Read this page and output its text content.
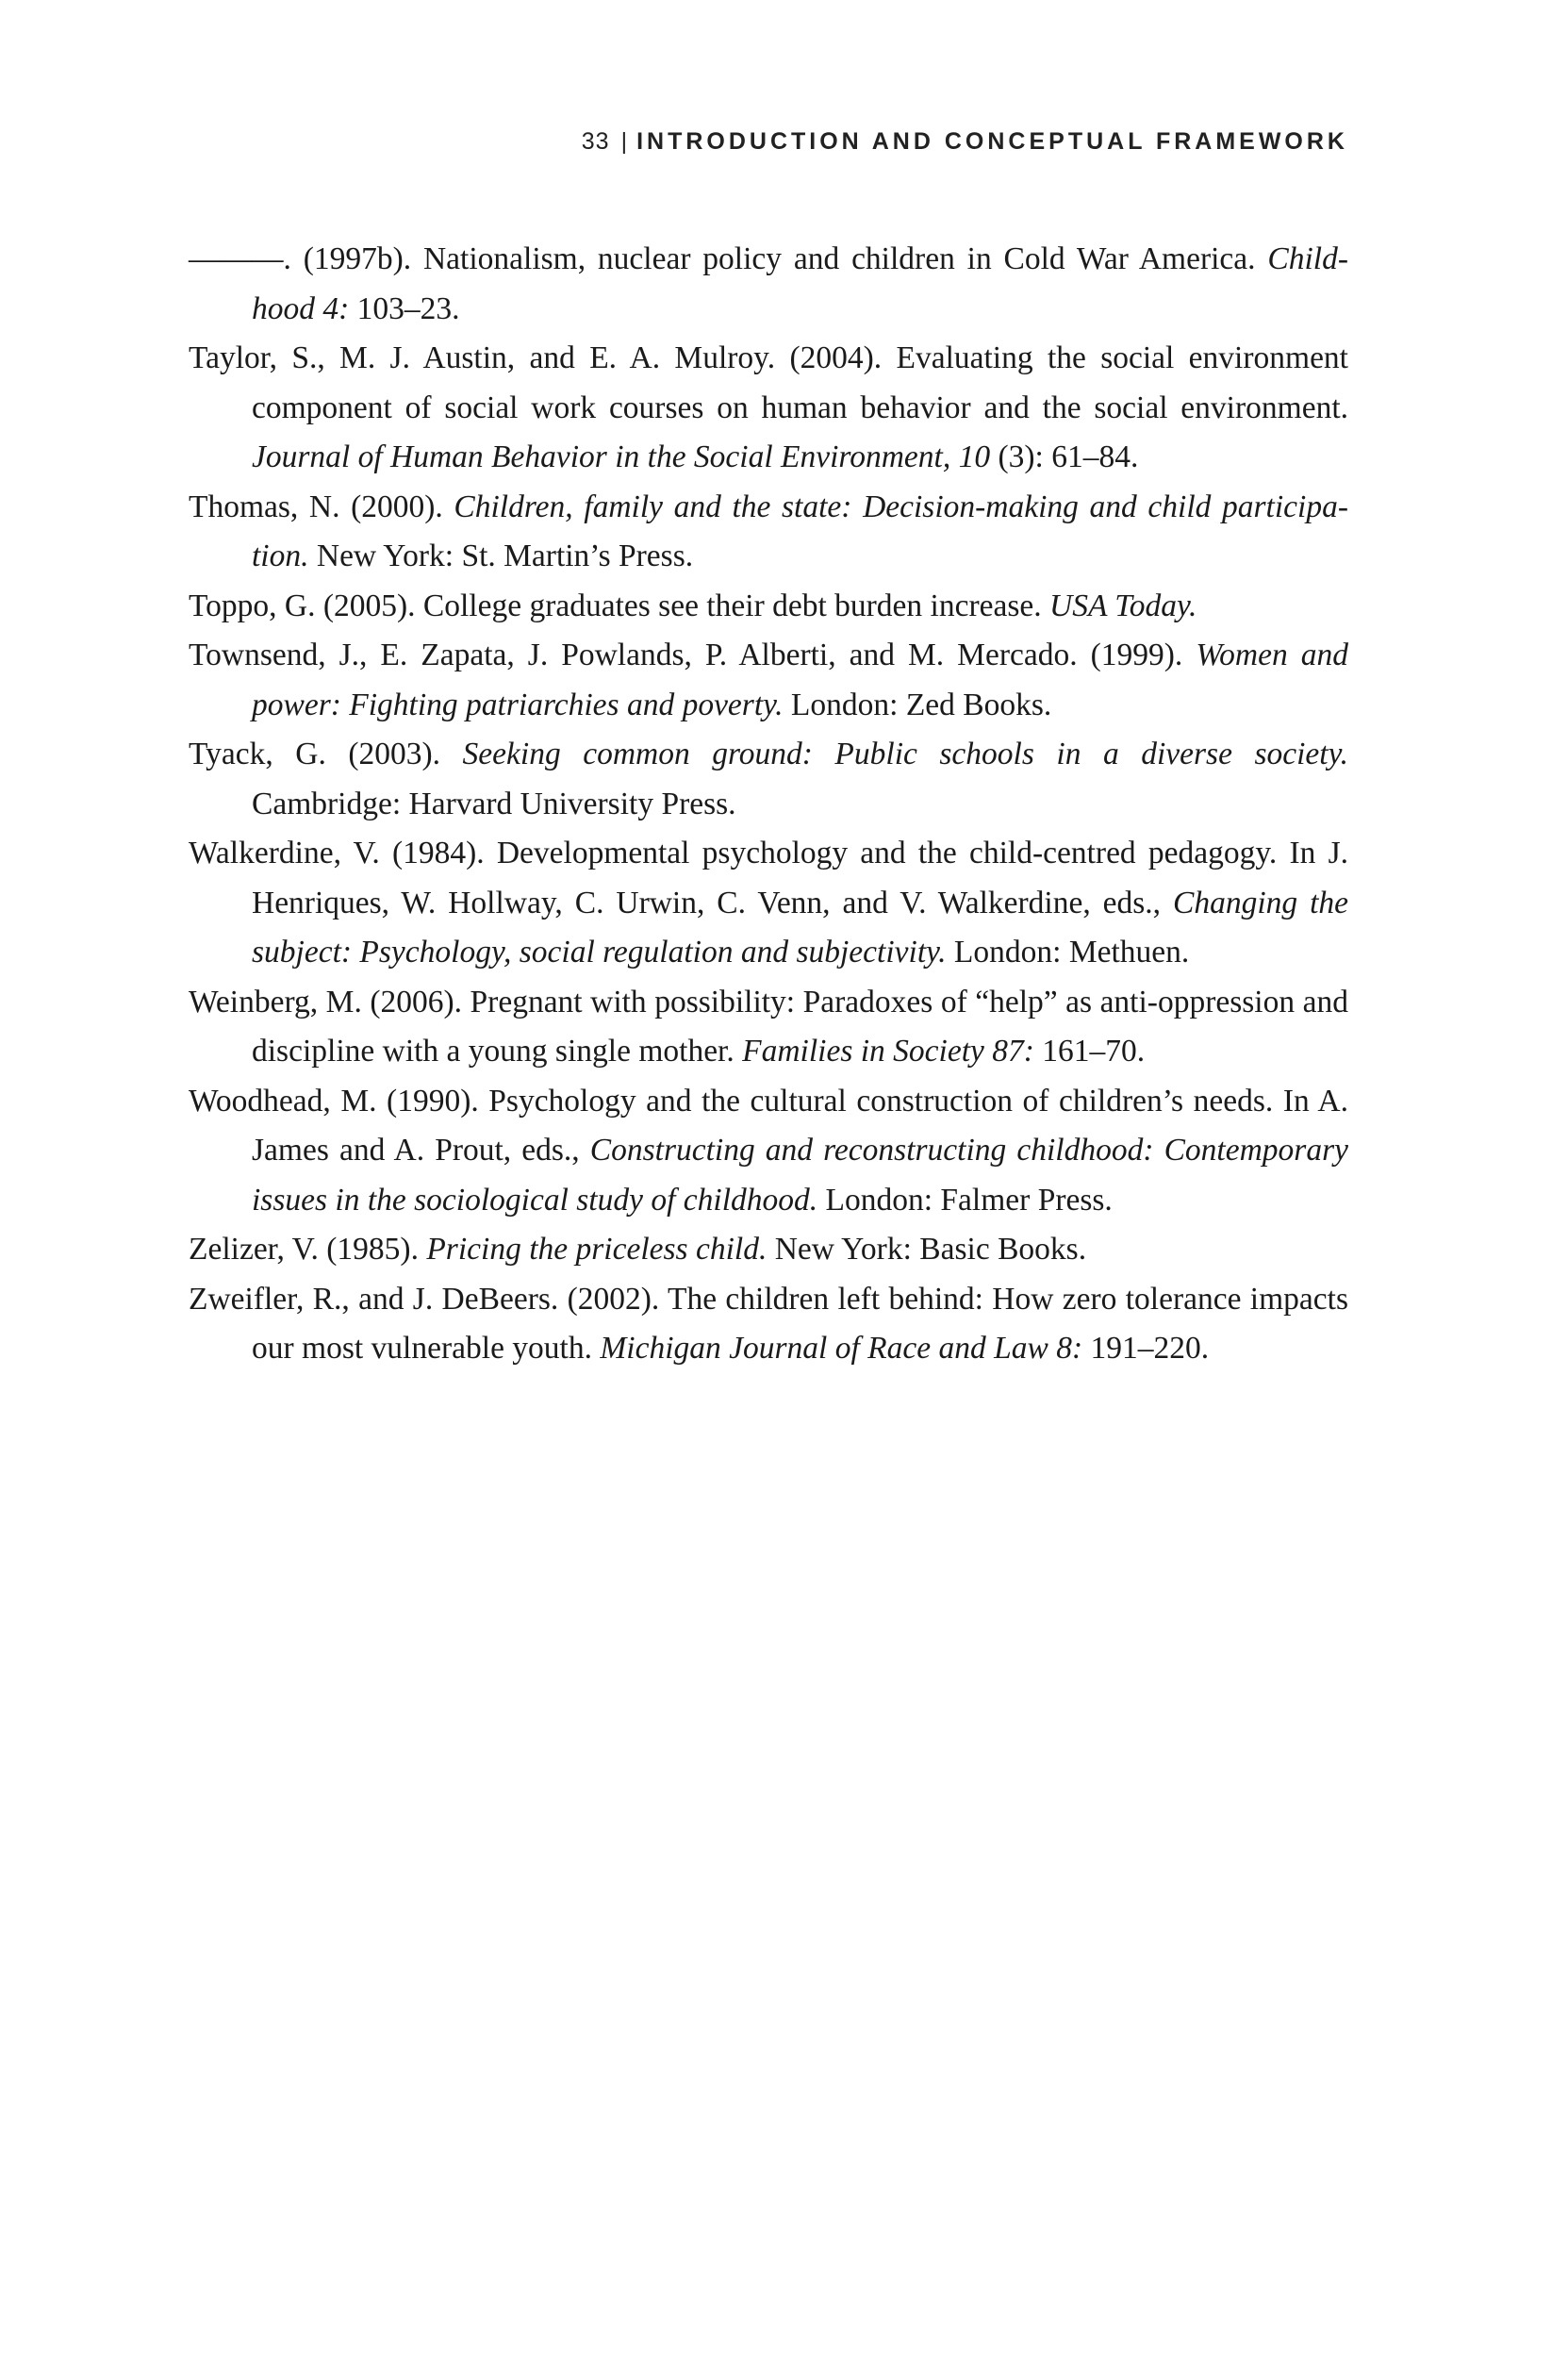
33 | INTRODUCTION AND CONCEPTUAL FRAMEWORK
———. (1997b). Nationalism, nuclear policy and children in Cold War America. Childhood 4: 103–23.
Taylor, S., M. J. Austin, and E. A. Mulroy. (2004). Evaluating the social environment component of social work courses on human behavior and the social environment. Journal of Human Behavior in the Social Environment, 10 (3): 61–84.
Thomas, N. (2000). Children, family and the state: Decision-making and child participation. New York: St. Martin’s Press.
Toppo, G. (2005). College graduates see their debt burden increase. USA Today.
Townsend, J., E. Zapata, J. Powlands, P. Alberti, and M. Mercado. (1999). Women and power: Fighting patriarchies and poverty. London: Zed Books.
Tyack, G. (2003). Seeking common ground: Public schools in a diverse society. Cambridge: Harvard University Press.
Walkerdine, V. (1984). Developmental psychology and the child-centred pedagogy. In J. Henriques, W. Hollway, C. Urwin, C. Venn, and V. Walkerdine, eds., Changing the subject: Psychology, social regulation and subjectivity. London: Methuen.
Weinberg, M. (2006). Pregnant with possibility: Paradoxes of “help” as anti-oppression and discipline with a young single mother. Families in Society 87: 161–70.
Woodhead, M. (1990). Psychology and the cultural construction of children’s needs. In A. James and A. Prout, eds., Constructing and reconstructing childhood: Contemporary issues in the sociological study of childhood. London: Falmer Press.
Zelizer, V. (1985). Pricing the priceless child. New York: Basic Books.
Zweifler, R., and J. DeBeers. (2002). The children left behind: How zero tolerance impacts our most vulnerable youth. Michigan Journal of Race and Law 8: 191–220.
